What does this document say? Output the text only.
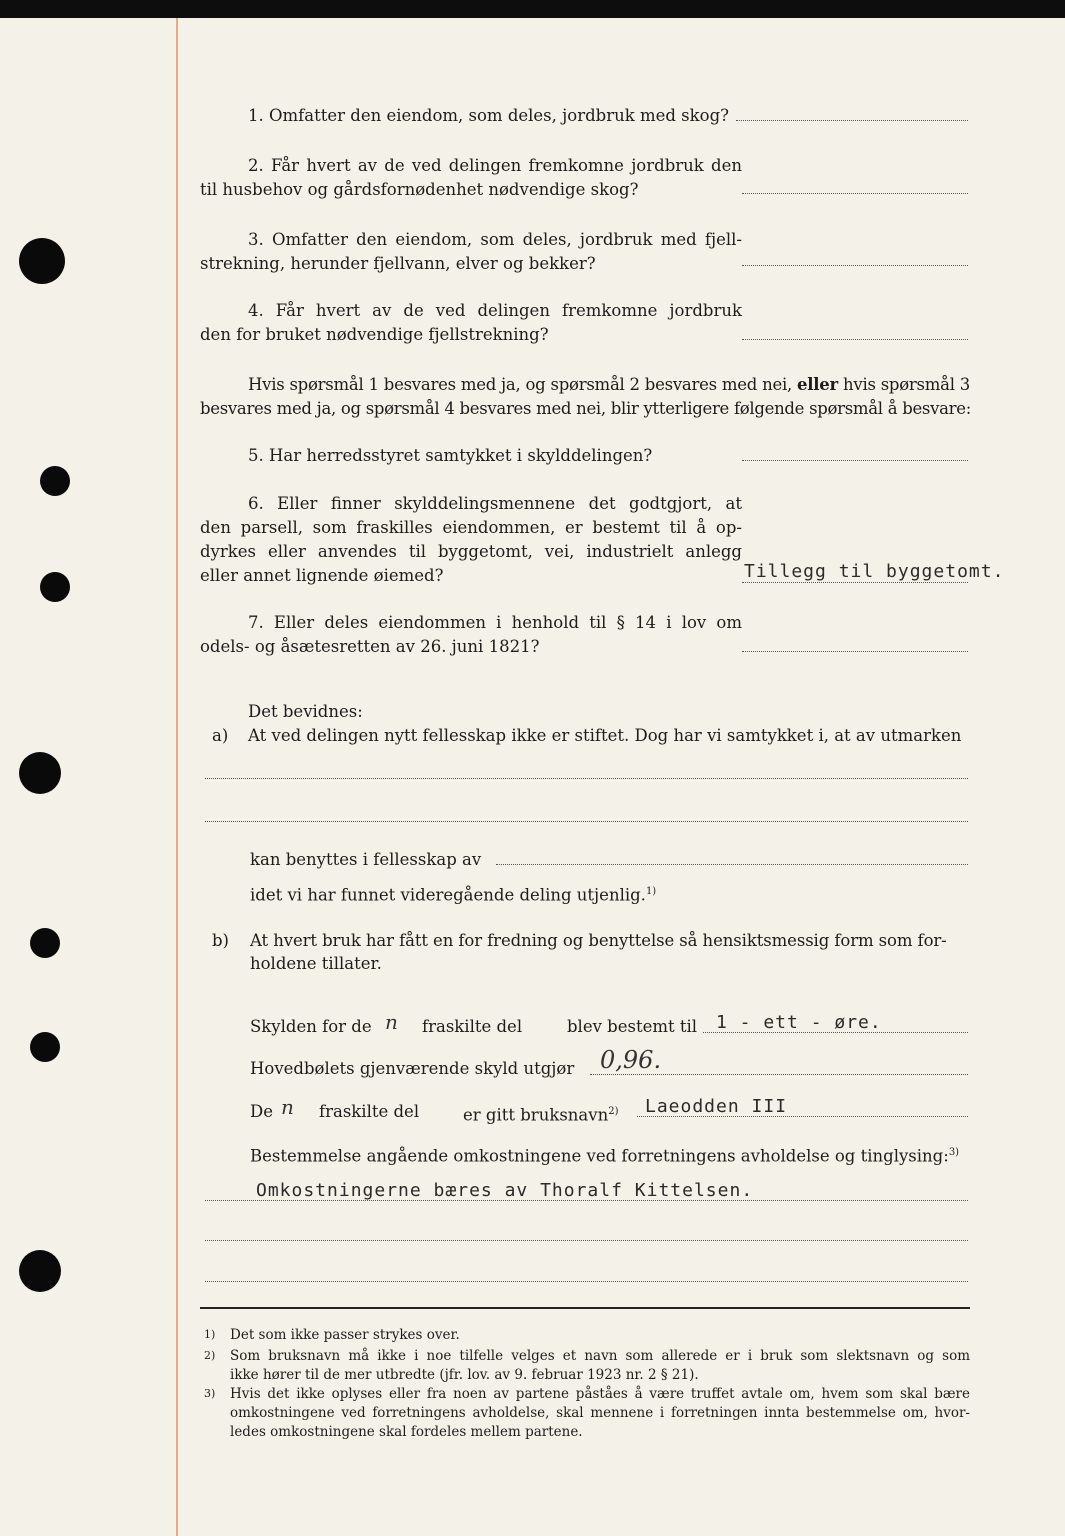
1. Omfatter den eiendom, som deles, jordbruk med skog?
2. Får hvert av de ved delingen fremkomne jordbruk den
til husbehov og gårdsfornødenhet nødvendige skog?
3. Omfatter den eiendom, som deles, jordbruk med fjell-
strekning, herunder fjellvann, elver og bekker?
4. Får hvert av de ved delingen fremkomne jordbruk
den for bruket nødvendige fjellstrekning?
Hvis spørsmål 1 besvares med ja, og spørsmål 2 besvares med nei, eller hvis spørsmål 3
besvares med ja, og spørsmål 4 besvares med nei, blir ytterligere følgende spørsmål å besvare:
5. Har herredsstyret samtykket i skylddelingen?
6. Eller finner skylddelingsmennene det godtgjort, at
den parsell, som fraskilles eiendommen, er bestemt til å op-
dyrkes eller anvendes til byggetomt, vei, industrielt anlegg
eller annet lignende øiemed?	Tillegg til byggetomt.
7. Eller deles eiendommen i henhold til § 14 i lov om
odels- og åsætesretten av 26. juni 1821?
Det bevidnes:
a) At ved delingen nytt fellesskap ikke er stiftet. Dog har vi samtykket i, at av utmarken
kan benyttes i fellesskap av
idet vi har funnet videregående deling utjenlig.$^{1)}$
b) At hvert bruk har fått en for fredning og benyttelse så hensiktsmessig form som for-
holdene tillater.
Skylden for de n fraskilte del	blev bestemt til 1 - ett - øre.
Hovedbølets gjenværende skyld utgjør 0,96.
De n fraskilte del	er gitt bruksnavn$^{2)}$ Laeodden III
Bestemmelse angående omkostningene ved forretningens avholdelse og tinglysing:$^{3)}$
Omkostningerne bæres av Thoralf Kittelsen.
1) Det som ikke passer strykes over.
2) Som bruksnavn må ikke i noe tilfelle velges et navn som allerede er i bruk som slektsnavn og som
ikke hører til de mer utbredte (jfr. lov. av 9. februar 1923 nr. 2 § 21).
3) Hvis det ikke oplyses eller fra noen av partene påståes å være truffet avtale om, hvem som skal bære
omkostningene ved forretningens avholdelse, skal mennene i forretningen innta bestemmelse om, hvor-
ledes omkostningene skal fordeles mellem partene.
